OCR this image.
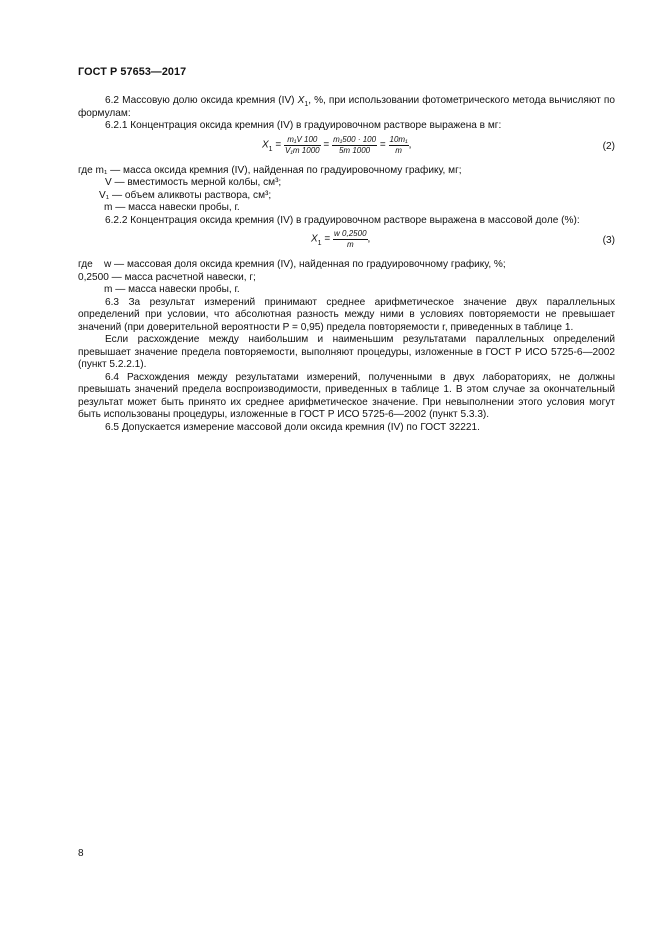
ГОСТ Р 57653—2017

6.2 Массовую долю оксида кремния (IV) $X_1$, %, при использовании фотометрического метода вычисляют по формулам:

6.2.1 Концентрация оксида кремния (IV) в градуировочном растворе выражена в мг:

$X_1 = \frac{\text{m₁V 100}}{\text{V₁m 1000}} = \frac{\text{m₁500 · 100}}{5m 1000} = \frac{\text{10m₁}}{m}$ ,	(2)

где m₁ — масса оксида кремния (IV), найденная по градуировочному графику, мг;

V — вместимость мерной колбы, см³;

V₁ — объем аликвоты раствора, см³;

m — масса навески пробы, г.

6.2.2 Концентрация оксида кремния (IV) в градуировочном растворе выражена в массовой доле (%):

$X_1 = \frac{w 0,2500}{m}$ ,	(3)

где    w — массовая доля оксида кремния (IV), найденная по градуировочному графику, %;

0,2500 — масса расчетной навески, г;

m — масса навески пробы, г.

6.3 За результат измерений принимают среднее арифметическое значение двух параллельных определений при условии, что абсолютная разность между ними в условиях повторяемости не превышает значений (при доверительной вероятности P = 0,95) предела повторяемости r, приведенных в таблице 1.

Если расхождение между наибольшим и наименьшим результатами параллельных определений превышает значение предела повторяемости, выполняют процедуры, изложенные в ГОСТ Р ИСО 5725-6—2002 (пункт 5.2.2.1).

6.4 Расхождения между результатами измерений, полученными в двух лабораториях, не должны превышать значений предела воспроизводимости, приведенных в таблице 1. В этом случае за окончательный результат может быть принято их среднее арифметическое значение. При невыполнении этого условия могут быть использованы процедуры, изложенные в ГОСТ Р ИСО 5725-6—2002 (пункт 5.3.3).

6.5 Допускается измерение массовой доли оксида кремния (IV) по ГОСТ 32221.

8
